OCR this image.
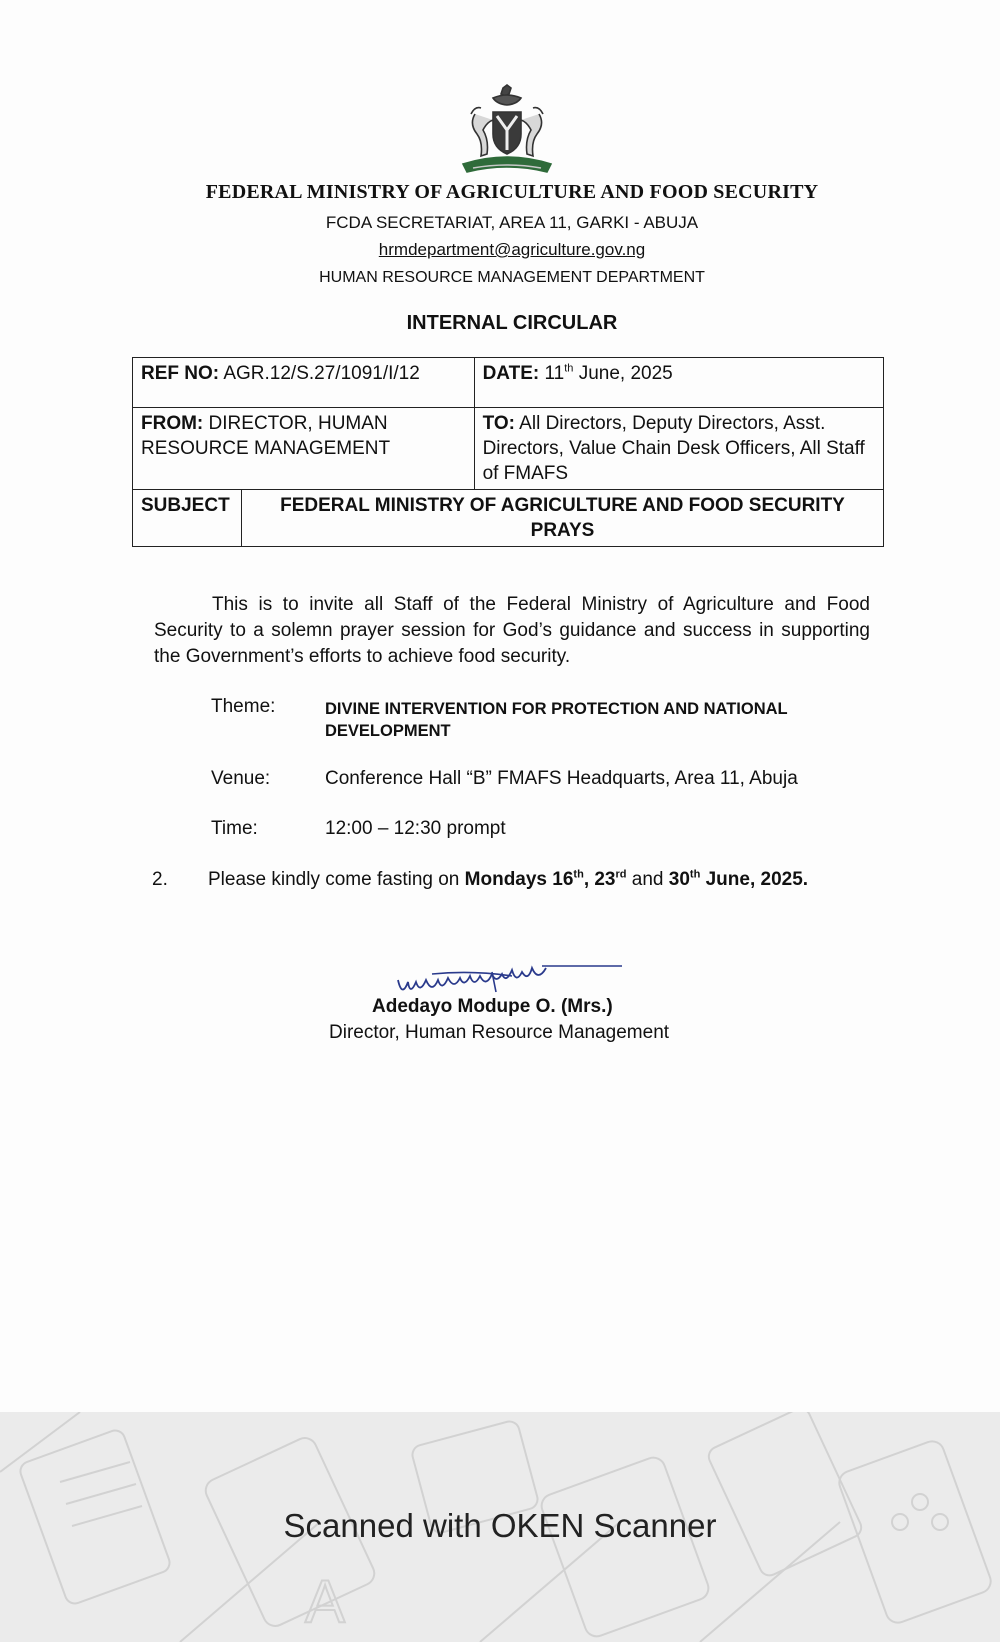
FEDERAL MINISTRY OF AGRICULTURE AND FOOD SECURITY
FCDA SECRETARIAT, AREA 11, GARKI - ABUJA
hrmdepartment@agriculture.gov.ng
HUMAN RESOURCE MANAGEMENT DEPARTMENT
INTERNAL CIRCULAR
REF NO: AGR.12/S.27/1091/I/12		DATE: 11th June, 2025
FROM: DIRECTOR, HUMAN RESOURCE MANAGEMENT		TO: All Directors, Deputy Directors, Asst. Directors, Value Chain Desk Officers, All Staff of FMAFS
SUBJECT	FEDERAL MINISTRY OF AGRICULTURE AND FOOD SECURITY PRAYS	
This is to invite all Staff of the Federal Ministry of Agriculture and Food Security to a solemn prayer session for God’s guidance and success in supporting the Government’s efforts to achieve food security.
Theme:	DIVINE INTERVENTION FOR PROTECTION AND NATIONAL DEVELOPMENT
Venue:	Conference Hall “B” FMAFS Headquarts, Area 11, Abuja
Time:	12:00 – 12:30 prompt
2. Please kindly come fasting on Mondays 16th, 23rd and 30th June, 2025.
Adedayo Modupe O. (Mrs.)
Director, Human Resource Management
A
Scanned with OKEN Scanner
